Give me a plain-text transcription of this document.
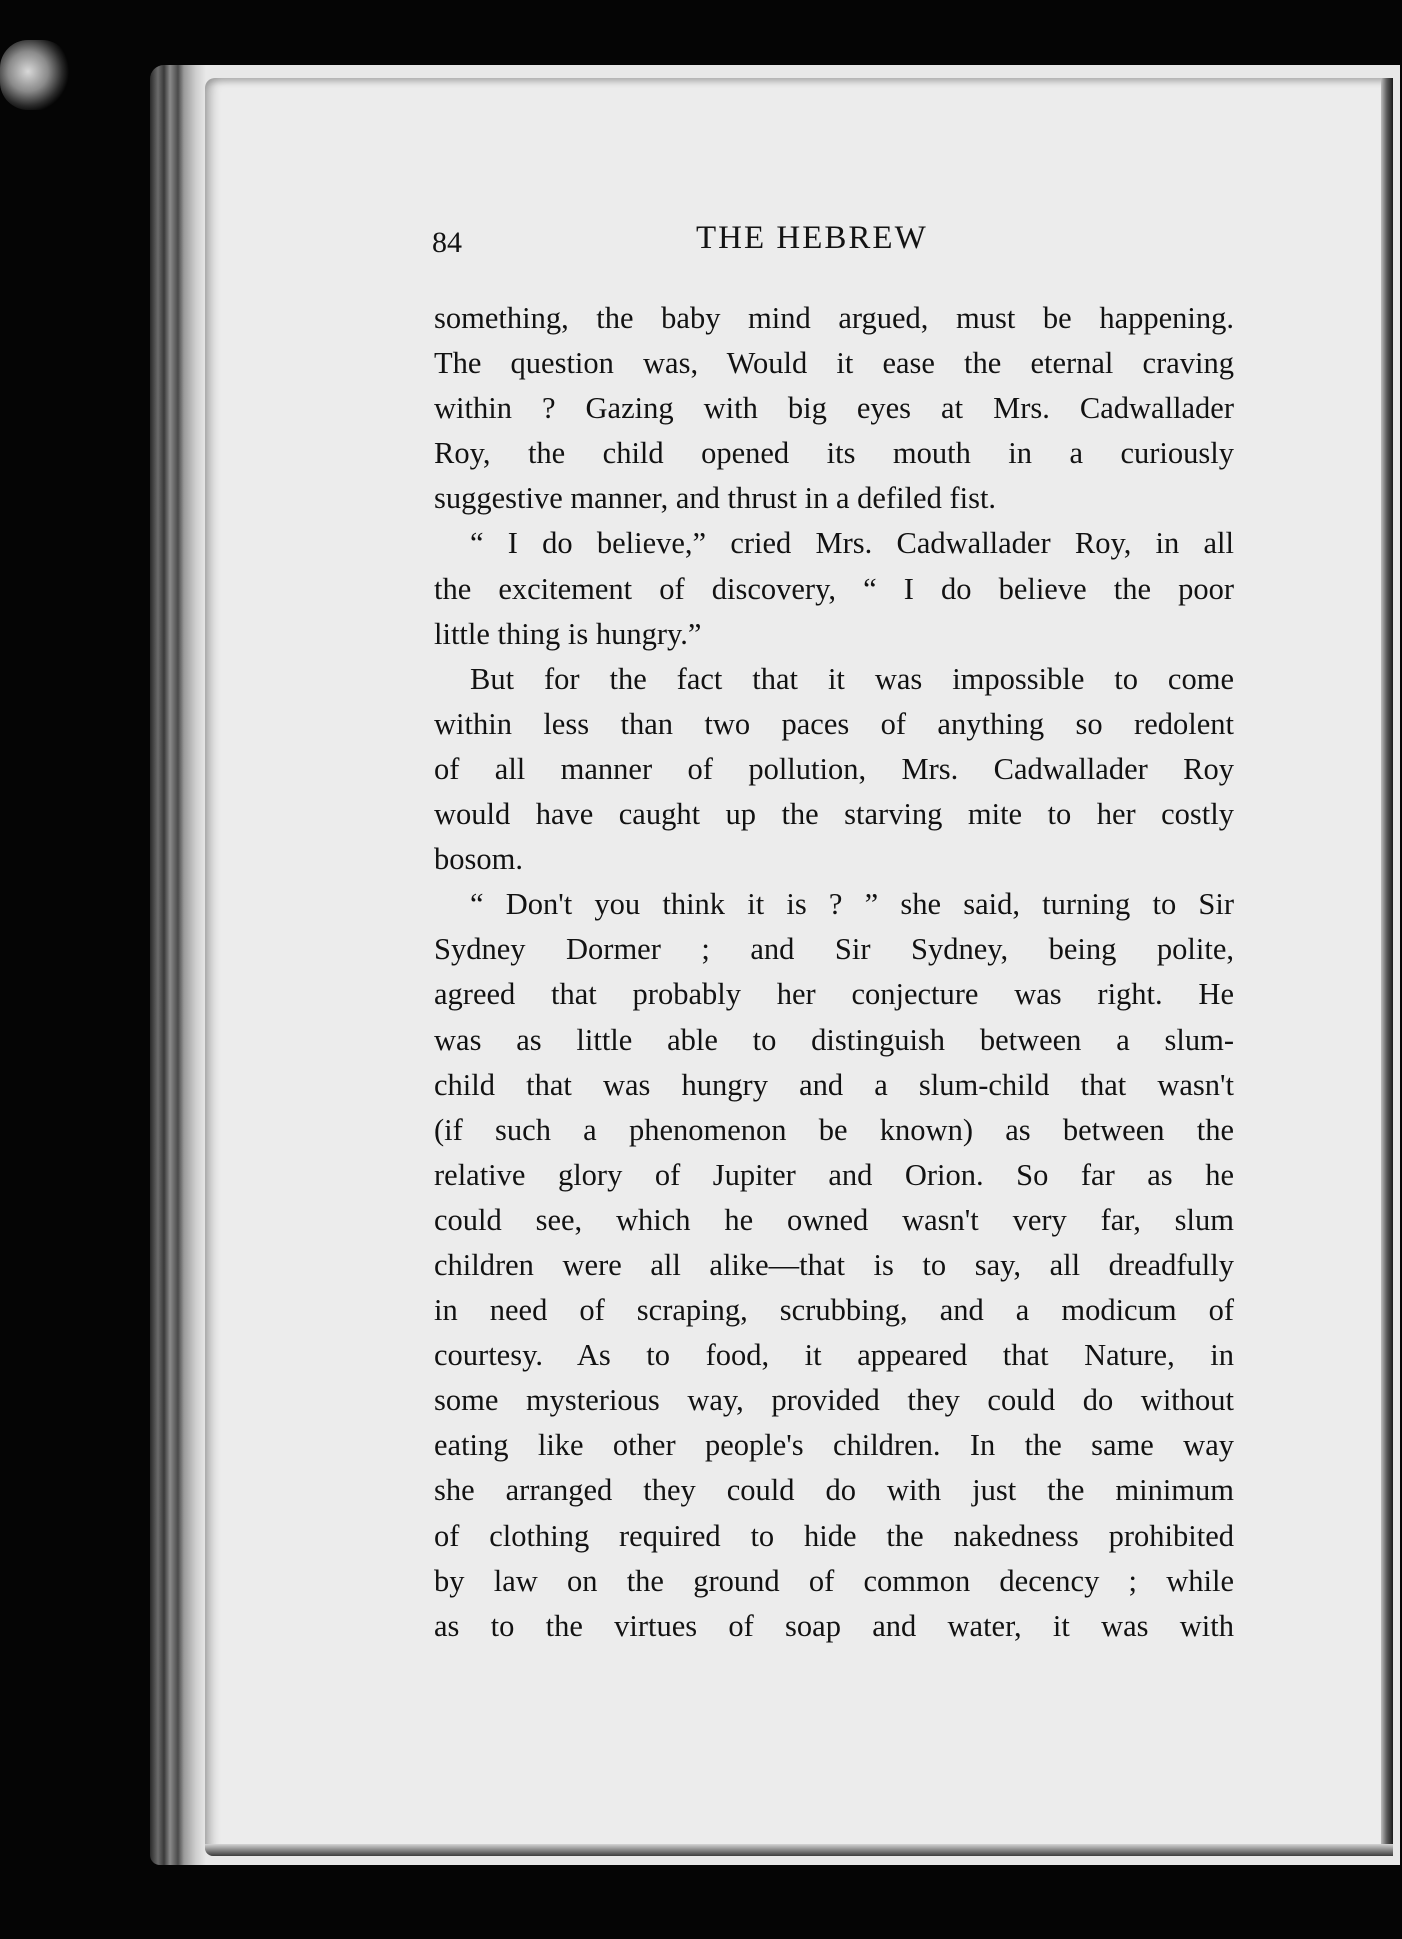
84	THE HEBREW
something, the baby mind argued, must be happening.
The question was, Would it ease the eternal craving
within ? Gazing with big eyes at Mrs. Cadwallader
Roy, the child opened its mouth in a curiously
suggestive manner, and thrust in a defiled fist.
“ I do believe,” cried Mrs. Cadwallader Roy, in all
the excitement of discovery, “ I do believe the poor
little thing is hungry.”
But for the fact that it was impossible to come
within less than two paces of anything so redolent
of all manner of pollution, Mrs. Cadwallader Roy
would have caught up the starving mite to her costly
bosom.
“ Don't you think it is ? ” she said, turning to Sir
Sydney Dormer ; and Sir Sydney, being polite,
agreed that probably her conjecture was right. He
was as little able to distinguish between a slum-
child that was hungry and a slum-child that wasn't
(if such a phenomenon be known) as between the
relative glory of Jupiter and Orion. So far as he
could see, which he owned wasn't very far, slum
children were all alike—that is to say, all dreadfully
in need of scraping, scrubbing, and a modicum of
courtesy. As to food, it appeared that Nature, in
some mysterious way, provided they could do without
eating like other people's children. In the same way
she arranged they could do with just the minimum
of clothing required to hide the nakedness prohibited
by law on the ground of common decency ; while
as to the virtues of soap and water, it was with
